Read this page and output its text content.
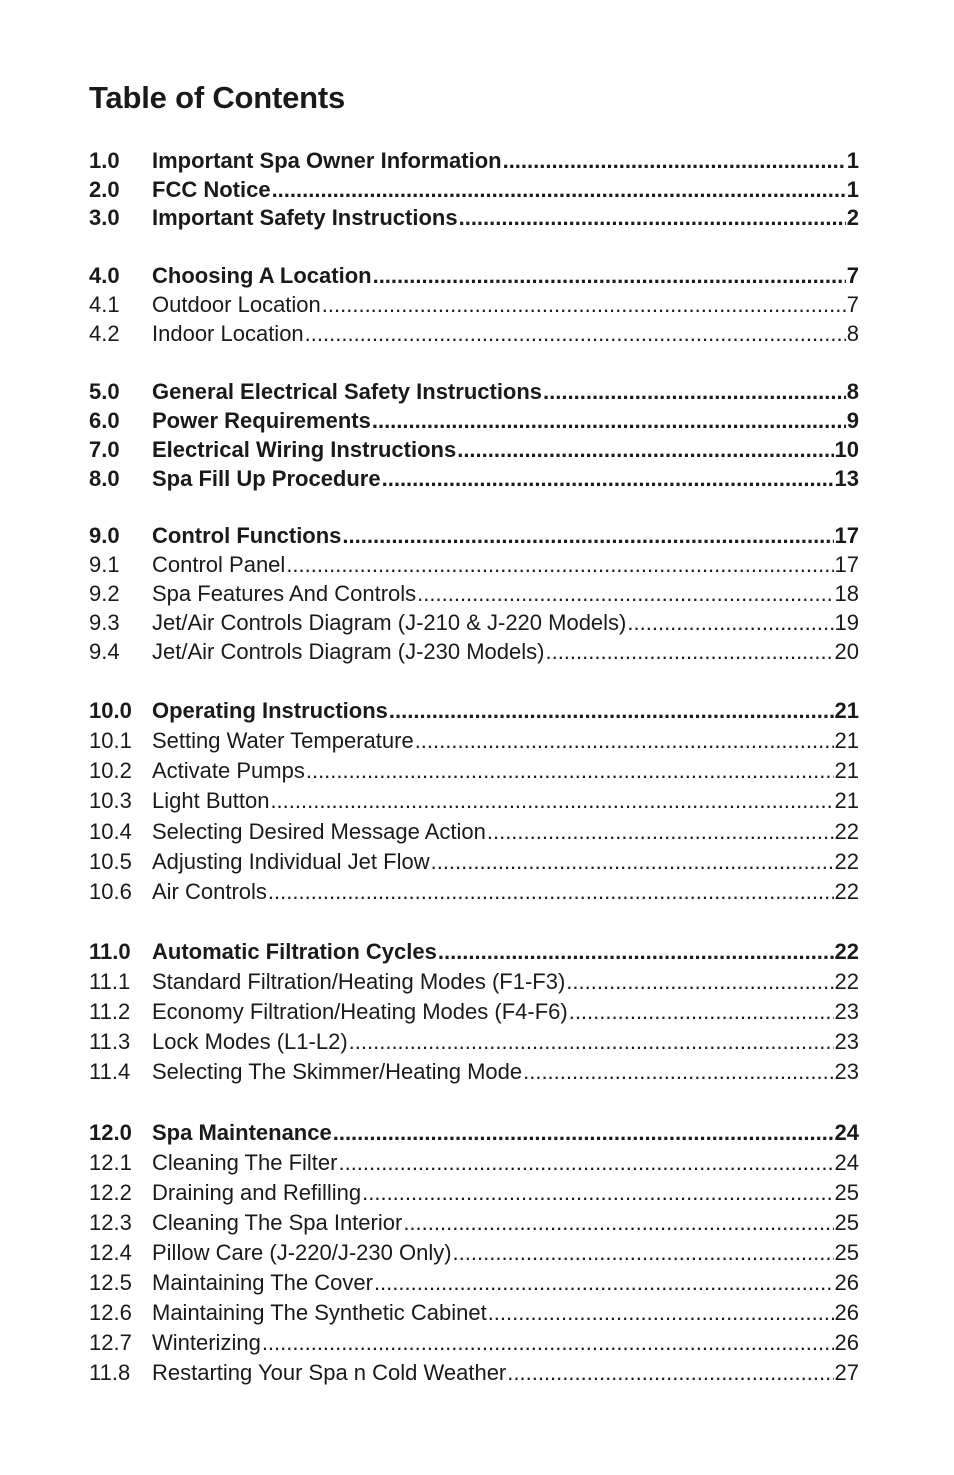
Table of Contents
1.0	Important Spa Owner Information .....	1
2.0	FCC Notice .....	1
3.0	Important Safety Instructions .....	2
4.0	Choosing A Location .....	7
4.1	Outdoor Location .....	7
4.2	Indoor Location .....	8
5.0	General Electrical Safety Instructions .....	8
6.0	Power Requirements .....	9
7.0	Electrical Wiring Instructions .....	10
8.0	Spa Fill Up Procedure .....	13
9.0	Control Functions .....	17
9.1	Control Panel .....	17
9.2	Spa Features And Controls .....	18
9.3	Jet/Air Controls Diagram (J-210 & J-220 Models) .....	19
9.4	Jet/Air Controls Diagram (J-230 Models) .....	20
10.0 Operating Instructions .....	21
10.1 Setting Water Temperature .....	21
10.2 Activate Pumps .....	21
10.3 Light Button .....	21
10.4 Selecting Desired Message Action .....	22
10.5 Adjusting Individual Jet Flow .....	22
10.6 Air Controls .....	22
11.0 Automatic Filtration Cycles .....	22
11.1 Standard Filtration/Heating Modes (F1-F3) .....	22
11.2 Economy Filtration/Heating Modes (F4-F6) .....	23
11.3 Lock Modes (L1-L2) .....	23
11.4 Selecting The Skimmer/Heating Mode .....	23
12.0 Spa Maintenance .....	24
12.1 Cleaning The Filter .....	24
12.2 Draining and Refilling .....	25
12.3 Cleaning The Spa Interior .....	25
12.4 Pillow Care (J-220/J-230 Only) .....	25
12.5 Maintaining The Cover .....	26
12.6 Maintaining The Synthetic Cabinet .....	26
12.7 Winterizing .....	26
11.8 Restarting Your Spa n Cold Weather .....	27
